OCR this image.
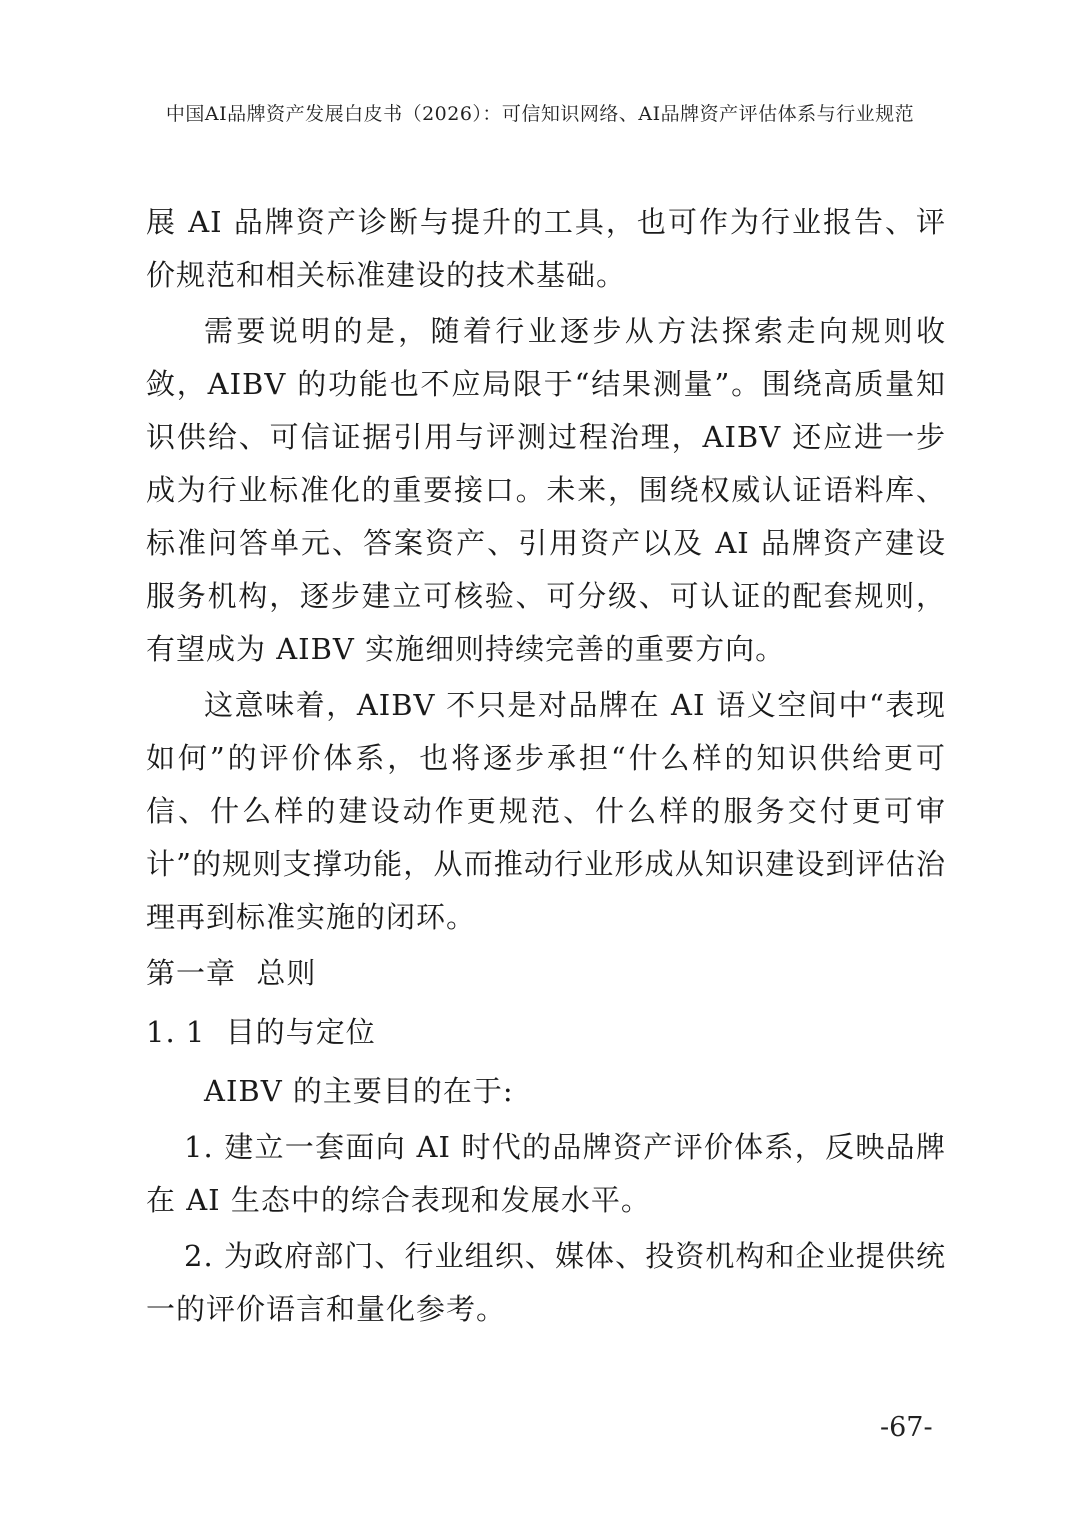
中国AI品牌资产发展白皮书（2026）：可信知识网络、AI品牌资产评估体系与行业规范

展 AI 品牌资产诊断与提升的工具，也可作为行业报告、评价规范和相关标准建设的技术基础。

需要说明的是，随着行业逐步从方法探索走向规则收敛，AIBV 的功能也不应局限于“结果测量”。围绕高质量知识供给、可信证据引用与评测过程治理，AIBV 还应进一步成为行业标准化的重要接口。未来，围绕权威认证语料库、标准问答单元、答案资产、引用资产以及 AI 品牌资产建设服务机构，逐步建立可核验、可分级、可认证的配套规则，有望成为 AIBV 实施细则持续完善的重要方向。

这意味着，AIBV 不只是对品牌在 AI 语义空间中“表现如何”的评价体系，也将逐步承担“什么样的知识供给更可信、什么样的建设动作更规范、什么样的服务交付更可审计”的规则支撑功能，从而推动行业形成从知识建设到评估治理再到标准实施的闭环。

第一章  总则

1. 1  目的与定位

AIBV 的主要目的在于:

1. 建立一套面向 AI 时代的品牌资产评价体系，反映品牌在 AI 生态中的综合表现和发展水平。

2. 为政府部门、行业组织、媒体、投资机构和企业提供统一的评价语言和量化参考。

-67-
